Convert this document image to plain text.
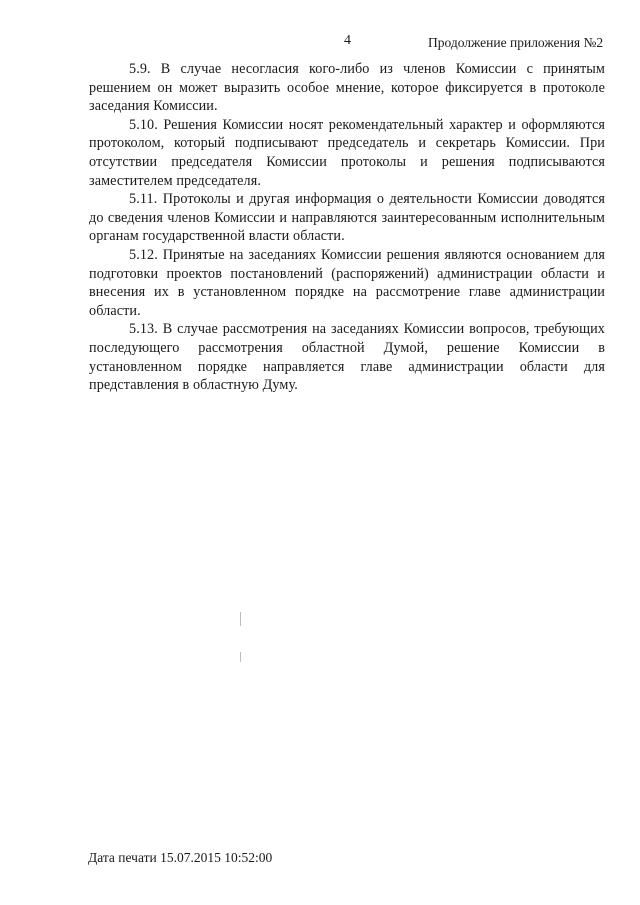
4	Продолжение приложения №2

5.9. В случае несогласия кого-либо из членов Комиссии с принятым решением он может выразить особое мнение, которое фиксируется в протоколе заседания Комиссии.

5.10. Решения Комиссии носят рекомендательный характер и оформляются протоколом, который подписывают председатель и секретарь Комиссии. При отсутствии председателя Комиссии протоколы и решения подписываются заместителем председателя.

5.11. Протоколы и другая информация о деятельности Комиссии доводятся до сведения членов Комиссии и направляются заинтересованным исполнительным органам государственной власти области.

5.12. Принятые на заседаниях Комиссии решения являются основанием для подготовки проектов постановлений (распоряжений) администрации области и внесения их в установленном порядке на рассмотрение главе администрации области.

5.13. В случае рассмотрения на заседаниях Комиссии вопросов, требующих последующего рассмотрения областной Думой, решение Комиссии в установленном порядке направляется главе администрации области для представления в областную Думу.

Дата печати 15.07.2015 10:52:00
